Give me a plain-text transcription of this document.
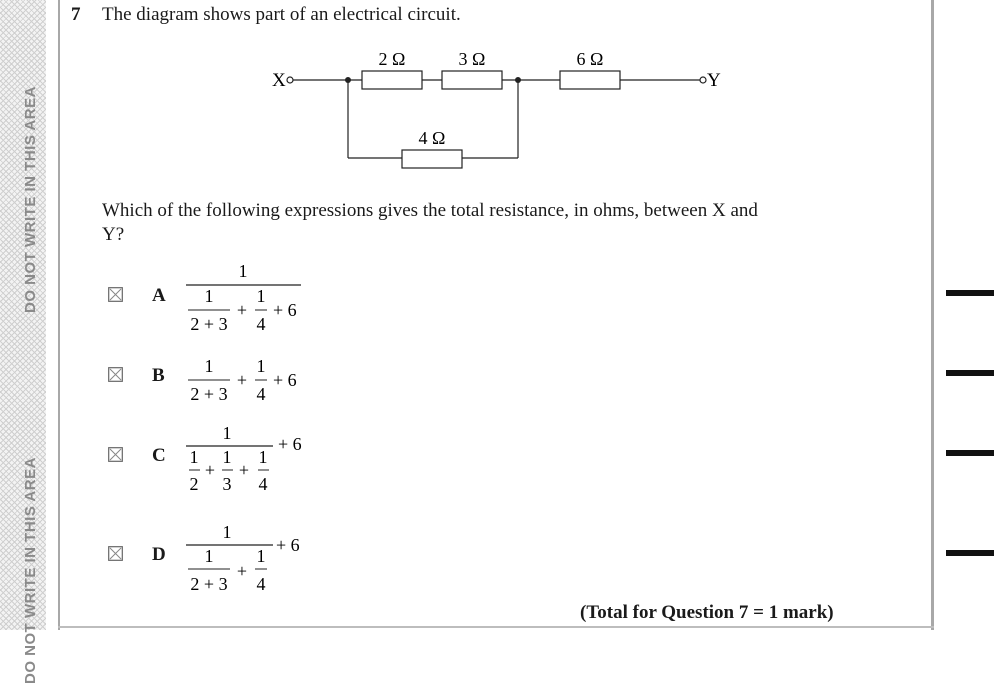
DO NOT WRITE IN THIS AREA
DO NOT WRITE IN THIS AREA
7 The diagram shows part of an electrical circuit.
X	Y
2 Ω	3 Ω	6 Ω
4 Ω
Which of the following expressions gives the total resistance, in ohms, between X and Y?
A
B
C
D
1
1
2 + 3
+
1
4
+ 6
1
2 + 3
+
1
4
+ 6
1
1
2
+
1
3
+
1
4
+ 6
1
1
2 + 3
+
1
4
+ 6
(Total for Question 7 = 1 mark)
